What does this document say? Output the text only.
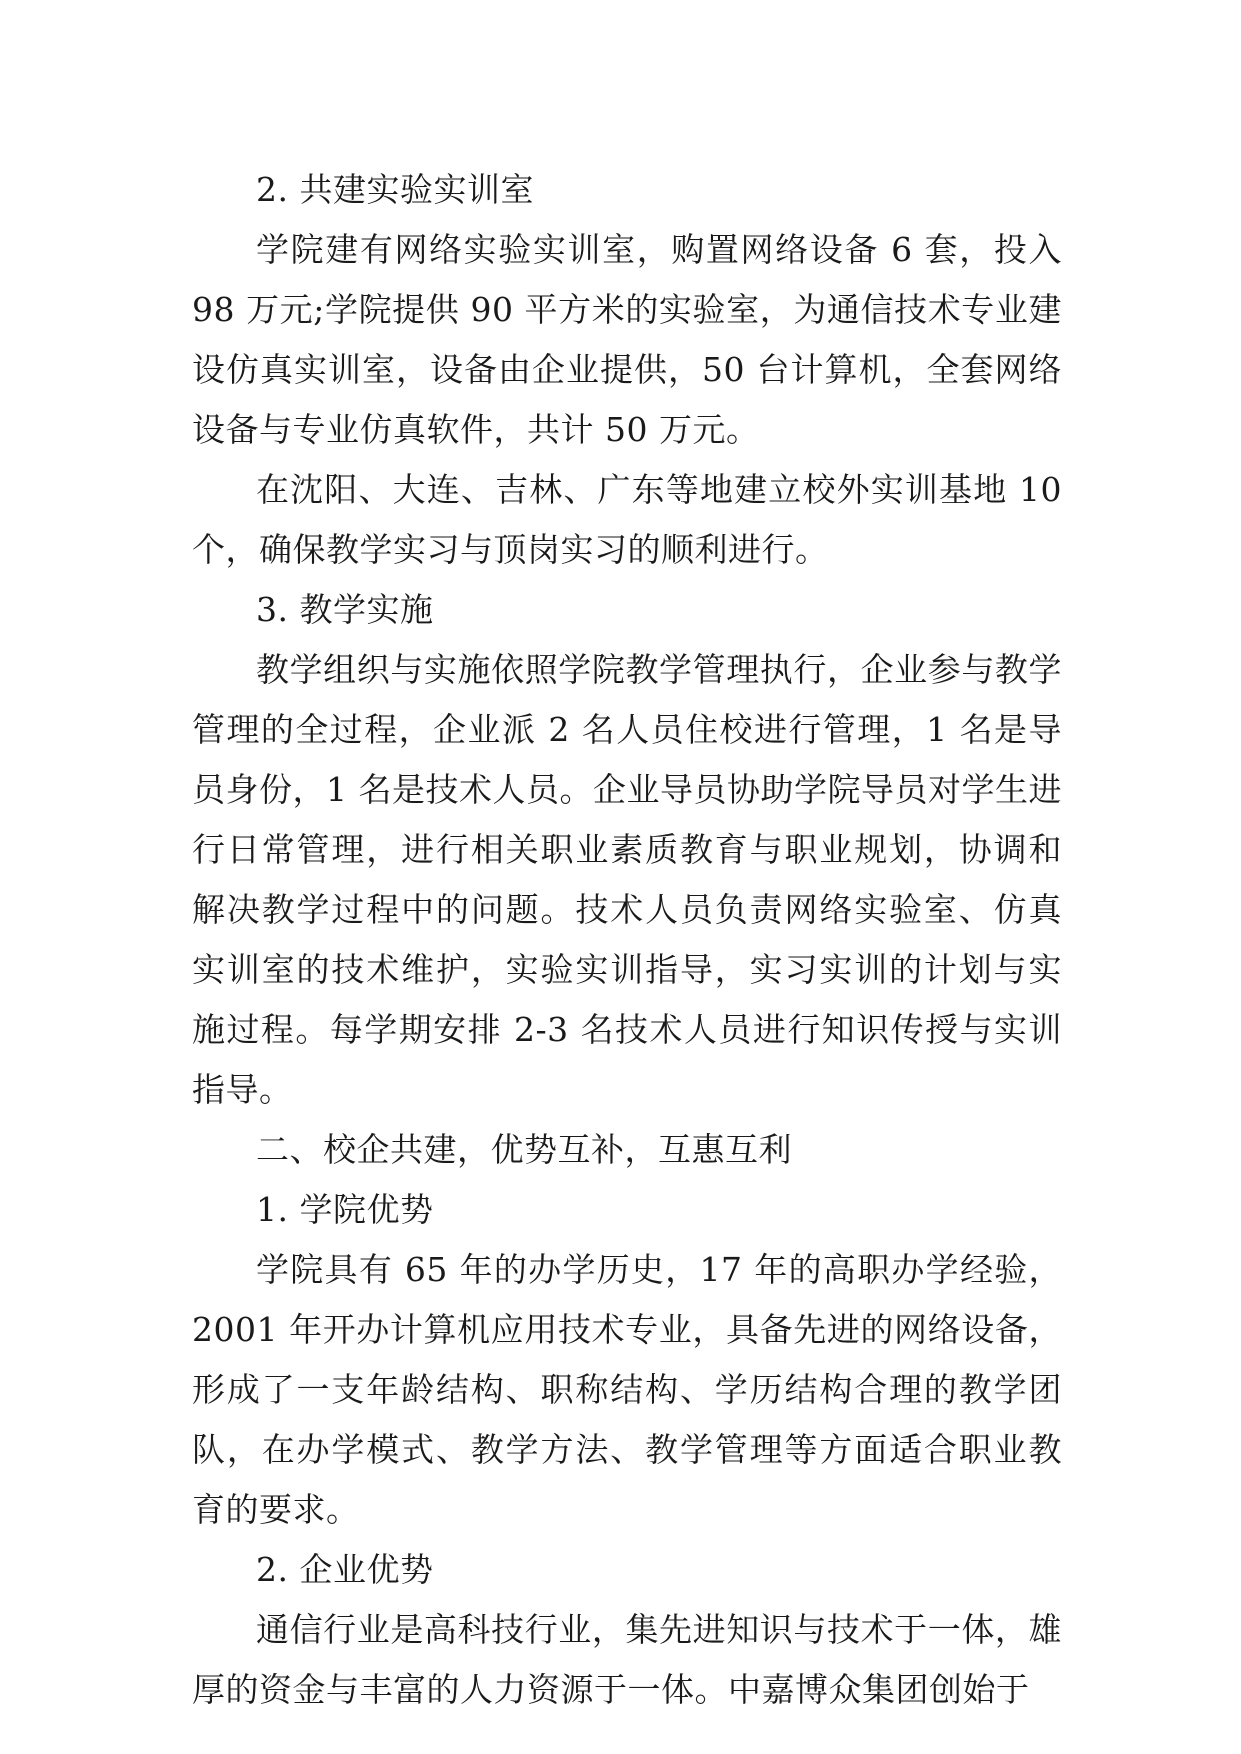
2. 共建实验实训室

学院建有网络实验实训室，购置网络设备 6 套，投入 98 万元;学院提供 90 平方米的实验室，为通信技术专业建设仿真实训室，设备由企业提供，50 台计算机，全套网络设备与专业仿真软件，共计 50 万元。

在沈阳、大连、吉林、广东等地建立校外实训基地 10 个，确保教学实习与顶岗实习的顺利进行。

3. 教学实施

教学组织与实施依照学院教学管理执行，企业参与教学管理的全过程，企业派 2 名人员住校进行管理，1 名是导员身份，1 名是技术人员。企业导员协助学院导员对学生进行日常管理，进行相关职业素质教育与职业规划，协调和解决教学过程中的问题。技术人员负责网络实验室、仿真实训室的技术维护，实验实训指导，实习实训的计划与实施过程。每学期安排 2-3 名技术人员进行知识传授与实训指导。

二、校企共建，优势互补，互惠互利

1. 学院优势

学院具有 65 年的办学历史，17 年的高职办学经验，2001 年开办计算机应用技术专业，具备先进的网络设备，形成了一支年龄结构、职称结构、学历结构合理的教学团队，在办学模式、教学方法、教学管理等方面适合职业教育的要求。

2. 企业优势

通信行业是高科技行业，集先进知识与技术于一体，雄厚的资金与丰富的人力资源于一体。中嘉博众集团创始于
